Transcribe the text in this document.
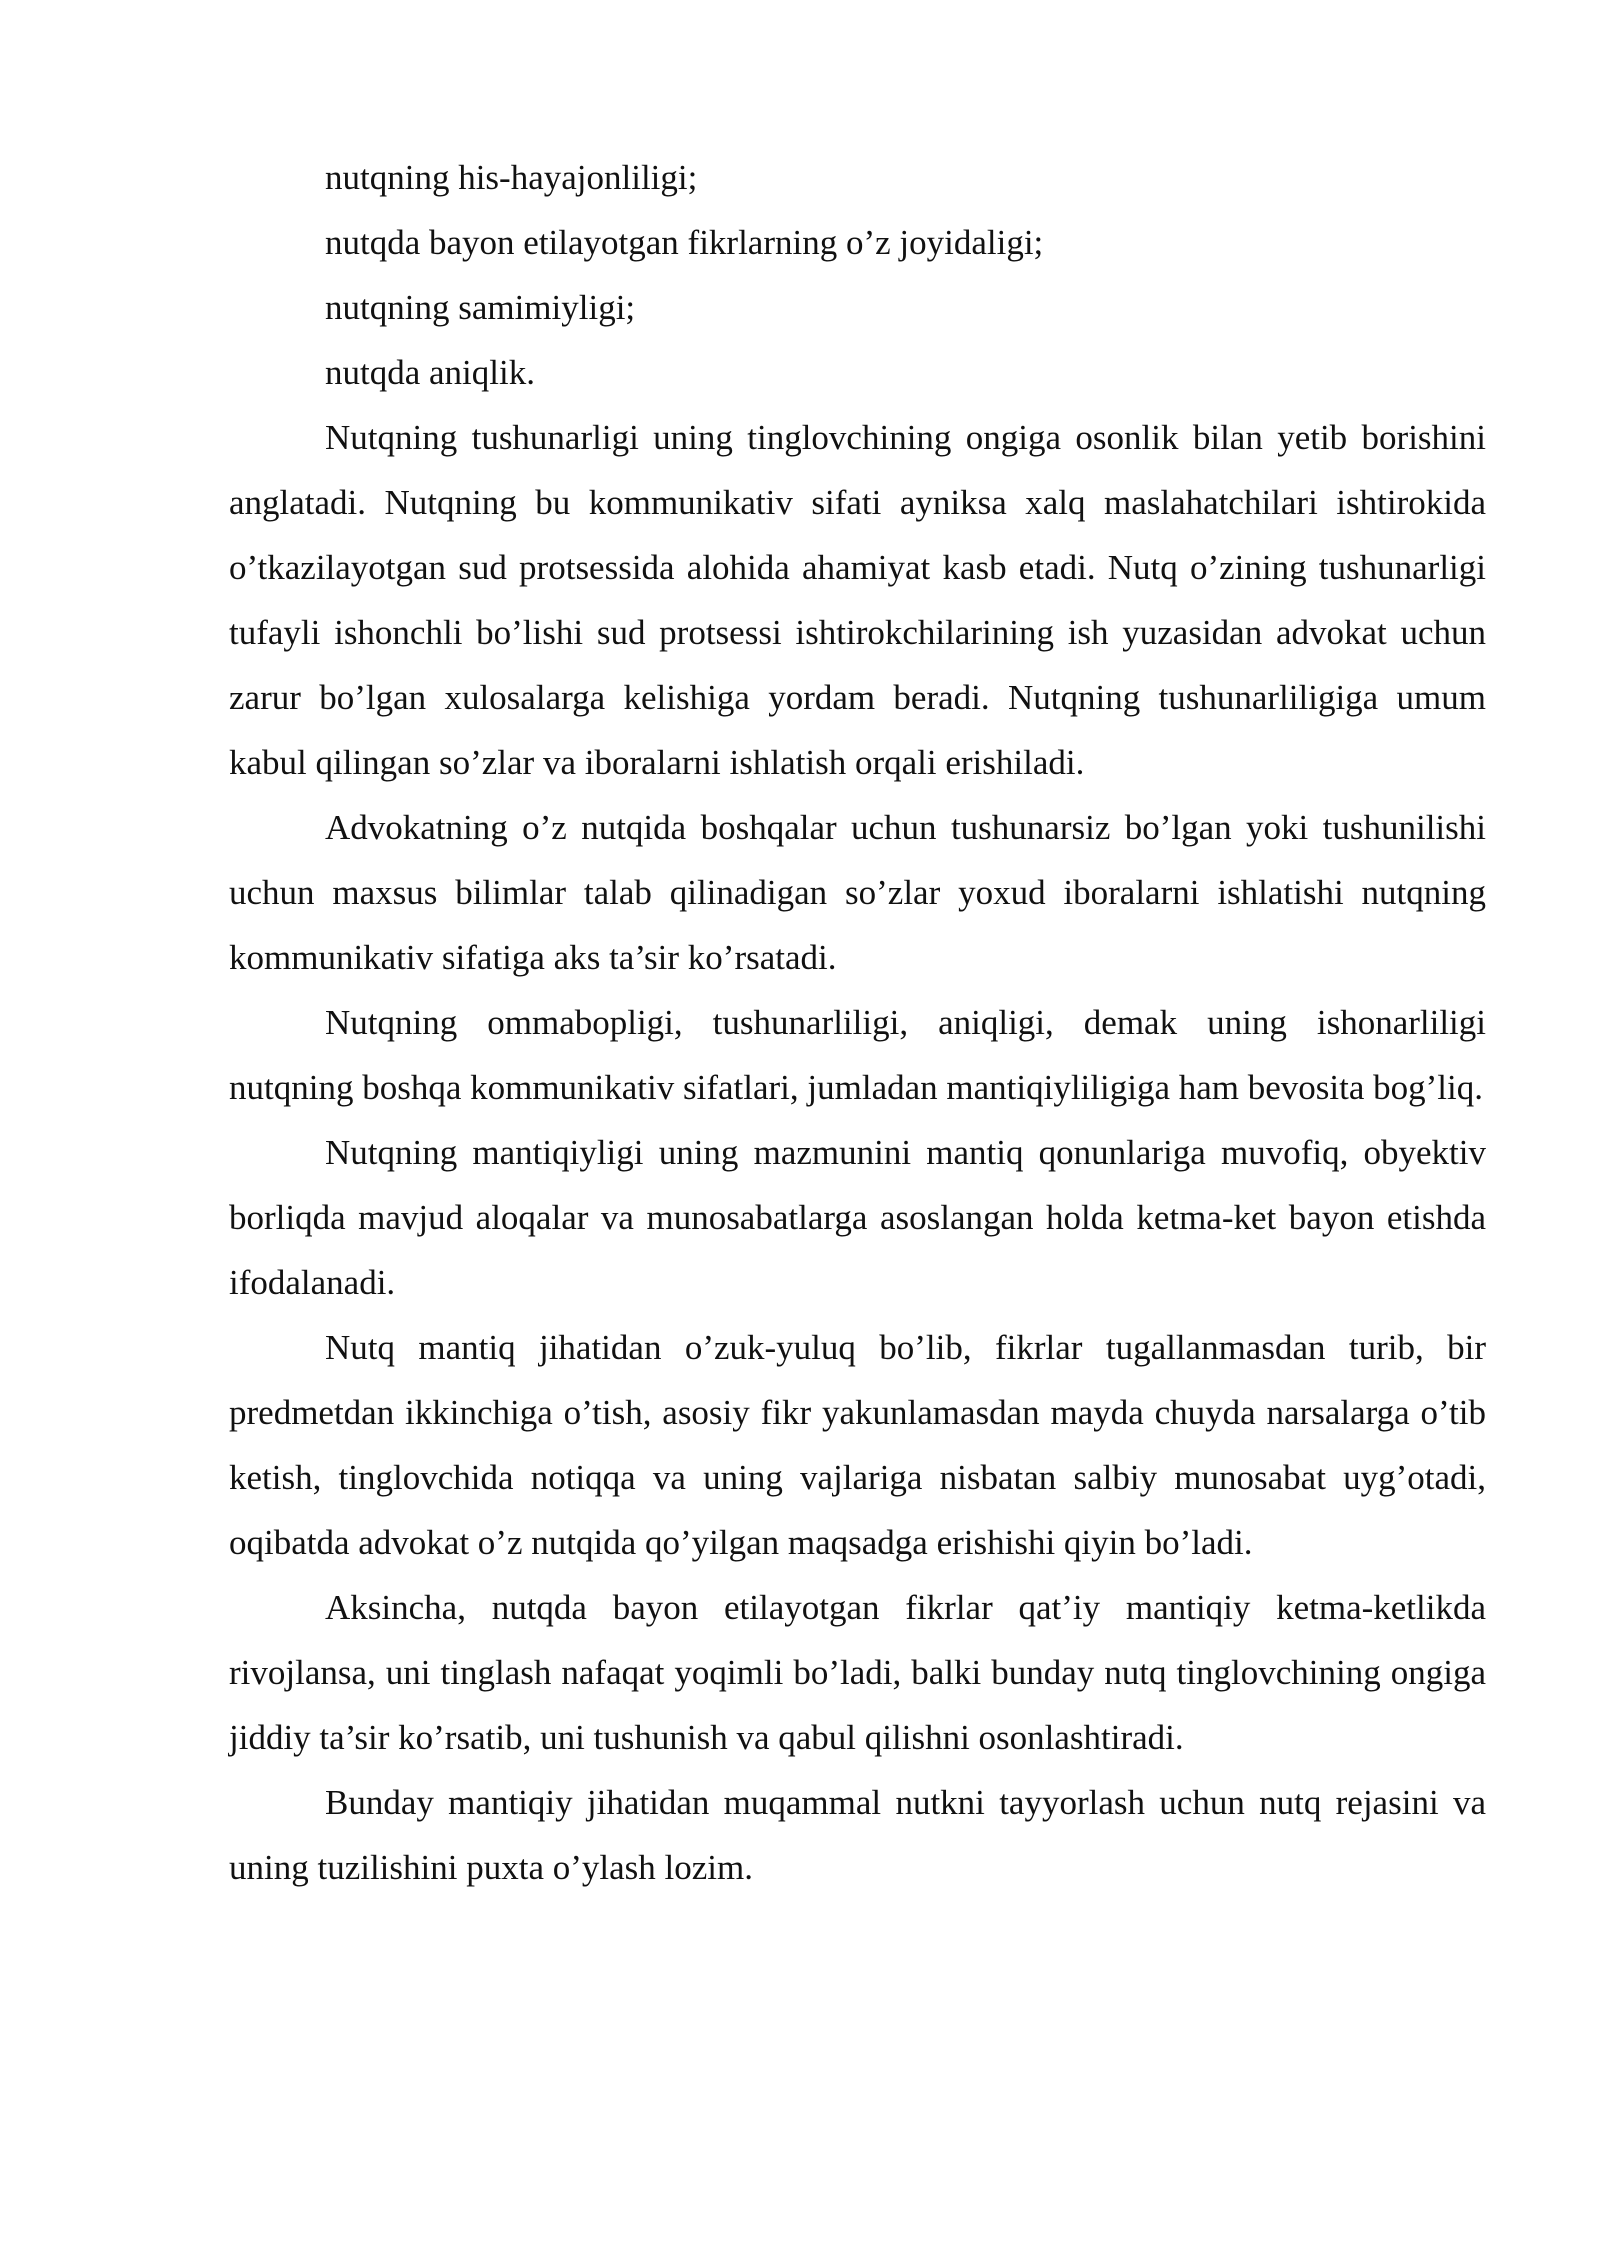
nutqning his-hayajonliligi;

nutqda bayon etilayotgan fikrlarning o’z joyidaligi;

nutqning samimiyligi;

nutqda aniqlik.

Nutqning tushunarligi uning tinglovchining ongiga osonlik bilan yetib borishini anglatadi. Nutqning bu kommunikativ sifati ayniksa xalq maslahatchilari ishtirokida o’tkazilayotgan sud protsessida alohida ahamiyat kasb etadi. Nutq o’zining tushunarligi tufayli ishonchli bo’lishi sud protsessi ishtirokchilarining ish yuzasidan advokat uchun zarur bo’lgan xulosalarga kelishiga yordam beradi. Nutqning tushunarliligiga umum kabul qilingan so’zlar va iboralarni ishlatish orqali erishiladi.

Advokatning o’z nutqida boshqalar uchun tushunarsiz bo’lgan yoki tushunilishi uchun maxsus bilimlar talab qilinadigan so’zlar yoxud iboralarni ishlatishi nutqning kommunikativ sifatiga aks ta’sir ko’rsatadi.

Nutqning ommabopligi, tushunarliligi, aniqligi, demak uning ishonarliligi nutqning boshqa kommunikativ sifatlari, jumladan mantiqiyliligiga ham bevosita bog’liq.

Nutqning mantiqiyligi uning mazmunini mantiq qonunlariga muvofiq, obyektiv borliqda mavjud aloqalar va munosabatlarga asoslangan holda ketma-ket bayon etishda ifodalanadi.

Nutq mantiq jihatidan o’zuk-yuluq bo’lib, fikrlar tugallanmasdan turib, bir predmetdan ikkinchiga o’tish, asosiy fikr yakunlamasdan mayda chuyda narsalarga o’tib ketish, tinglovchida notiqqa va uning vajlariga nisbatan salbiy munosabat uyg’otadi, oqibatda advokat o’z nutqida qo’yilgan maqsadga erishishi qiyin bo’ladi.

Aksincha, nutqda bayon etilayotgan fikrlar qat’iy mantiqiy ketma-ketlikda rivojlansa, uni tinglash nafaqat yoqimli bo’ladi, balki bunday nutq tinglovchining ongiga jiddiy ta’sir ko’rsatib, uni tushunish va qabul qilishni osonlashtiradi.

Bunday mantiqiy jihatidan muqammal nutkni tayyorlash uchun nutq rejasini va uning tuzilishini puxta o’ylash lozim.
